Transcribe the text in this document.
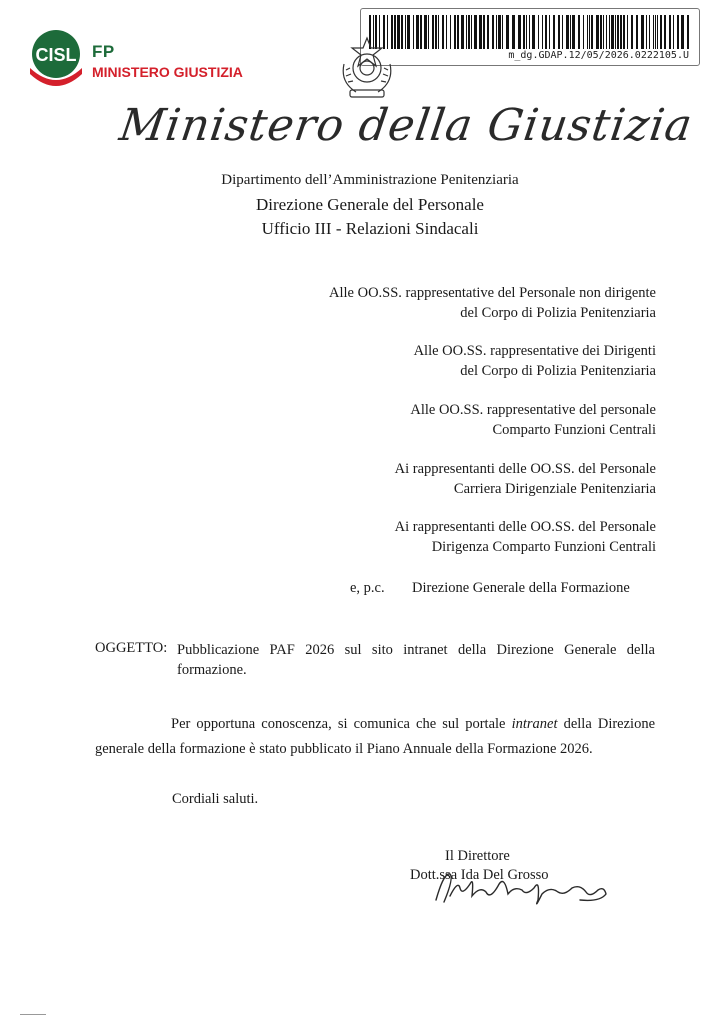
CISL FP
MINISTERO GIUSTIZIA
m_dg.GDAP.12/05/2026.0222105.U
Ministero della Giustizia
Dipartimento dell’Amministrazione Penitenziaria
Direzione Generale del Personale
Ufficio III - Relazioni Sindacali
Alle OO.SS. rappresentative del Personale non dirigente
del Corpo di Polizia Penitenziaria
Alle OO.SS. rappresentative dei Dirigenti
del Corpo di Polizia Penitenziaria
Alle OO.SS. rappresentative del personale
Comparto Funzioni Centrali
Ai rappresentanti delle OO.SS. del Personale
Carriera Dirigenziale Penitenziaria
Ai rappresentanti delle OO.SS. del Personale
Dirigenza Comparto Funzioni Centrali
e, p.c. Direzione Generale della Formazione
OGGETTO: Pubblicazione PAF 2026 sul sito intranet della Direzione Generale della formazione.
Per opportuna conoscenza, si comunica che sul portale intranet della Direzione generale della formazione è stato pubblicato il Piano Annuale della Formazione 2026.
Cordiali saluti.
Il Direttore
Dott.ssa Ida Del Grosso
